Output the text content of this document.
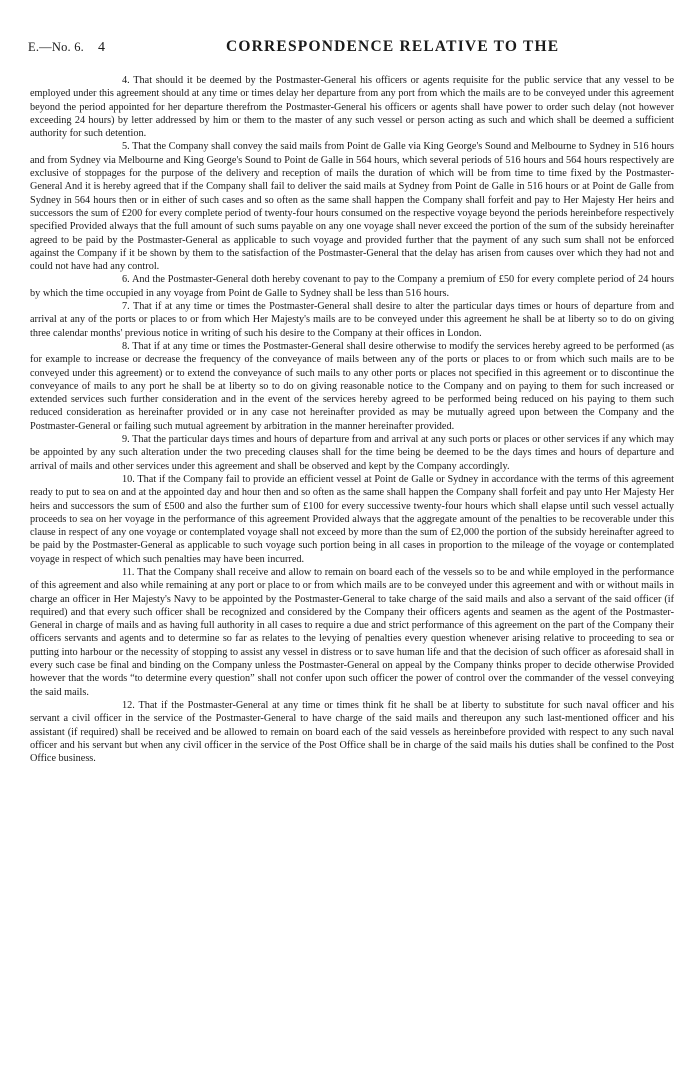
E.—No. 6.	4	CORRESPONDENCE RELATIVE TO THE

4. That should it be deemed by the Postmaster-General his officers or agents requisite for the public service that any vessel to be employed under this agreement should at any time or times delay her departure from any port from which the mails are to be conveyed under this agreement beyond the period appointed for her departure therefrom the Postmaster-General his officers or agents shall have power to order such delay (not however exceeding 24 hours) by letter addressed by him or them to the master of any such vessel or person acting as such and which shall be deemed a sufficient authority for such detention.

5. That the Company shall convey the said mails from Point de Galle via King George's Sound and Melbourne to Sydney in 516 hours and from Sydney via Melbourne and King George's Sound to Point de Galle in 564 hours, which several periods of 516 hours and 564 hours respectively are exclusive of stoppages for the purpose of the delivery and reception of mails the duration of which will be from time to time fixed by the Postmaster-General And it is hereby agreed that if the Company shall fail to deliver the said mails at Sydney from Point de Galle in 516 hours or at Point de Galle from Sydney in 564 hours then or in either of such cases and so often as the same shall happen the Company shall forfeit and pay to Her Majesty Her heirs and successors the sum of £200 for every complete period of twenty-four hours consumed on the respective voyage beyond the periods hereinbefore respectively specified Provided always that the full amount of such sums payable on any one voyage shall never exceed the portion of the sum of the subsidy hereinafter agreed to be paid by the Postmaster-General as applicable to such voyage and provided further that the payment of any such sum shall not be enforced against the Company if it be shown by them to the satisfaction of the Postmaster-General that the delay has arisen from causes over which they had not and could not have had any control.

6. And the Postmaster-General doth hereby covenant to pay to the Company a premium of £50 for every complete period of 24 hours by which the time occupied in any voyage from Point de Galle to Sydney shall be less than 516 hours.

7. That if at any time or times the Postmaster-General shall desire to alter the particular days times or hours of departure from and arrival at any of the ports or places to or from which Her Majesty's mails are to be conveyed under this agreement he shall be at liberty so to do on giving three calendar months' previous notice in writing of such his desire to the Company at their offices in London.

8. That if at any time or times the Postmaster-General shall desire otherwise to modify the services hereby agreed to be performed (as for example to increase or decrease the frequency of the conveyance of mails between any of the ports or places to or from which such mails are to be conveyed under this agreement) or to extend the conveyance of such mails to any other ports or places not specified in this agreement or to discontinue the conveyance of mails to any port he shall be at liberty so to do on giving reasonable notice to the Company and on paying to them for such increased or extended services such further consideration and in the event of the services hereby agreed to be performed being reduced on his paying to them such reduced consideration as hereinafter provided or in any case not hereinafter provided as may be mutually agreed upon between the Company and the Postmaster-General or failing such mutual agreement by arbitration in the manner hereinafter provided.

9. That the particular days times and hours of departure from and arrival at any such ports or places or other services if any which may be appointed by any such alteration under the two preceding clauses shall for the time being be deemed to be the days times and hours of departure and arrival of mails and other services under this agreement and shall be observed and kept by the Company accordingly.

10. That if the Company fail to provide an efficient vessel at Point de Galle or Sydney in accordance with the terms of this agreement ready to put to sea on and at the appointed day and hour then and so often as the same shall happen the Company shall forfeit and pay unto Her Majesty Her heirs and successors the sum of £500 and also the further sum of £100 for every successive twenty-four hours which shall elapse until such vessel actually proceeds to sea on her voyage in the performance of this agreement Provided always that the aggregate amount of the penalties to be recoverable under this clause in respect of any one voyage or contemplated voyage shall not exceed by more than the sum of £2,000 the portion of the subsidy hereinafter agreed to be paid by the Postmaster-General as applicable to such voyage such portion being in all cases in proportion to the mileage of the voyage or contemplated voyage in respect of which such penalties may have been incurred.

11. That the Company shall receive and allow to remain on board each of the vessels so to be and while employed in the performance of this agreement and also while remaining at any port or place to or from which mails are to be conveyed under this agreement and with or without mails in charge an officer in Her Majesty's Navy to be appointed by the Postmaster-General to take charge of the said mails and also a servant of the said officer (if required) and that every such officer shall be recognized and considered by the Company their officers agents and seamen as the agent of the Postmaster-General in charge of mails and as having full authority in all cases to require a due and strict performance of this agreement on the part of the Company their officers servants and agents and to determine so far as relates to the levying of penalties every question whenever arising relative to proceeding to sea or putting into harbour or the necessity of stopping to assist any vessel in distress or to save human life and that the decision of such officer as aforesaid shall in every such case be final and binding on the Company unless the Postmaster-General on appeal by the Company thinks proper to decide otherwise Provided however that the words “to determine every question” shall not confer upon such officer the power of control over the commander of the vessel conveying the said mails.

12. That if the Postmaster-General at any time or times think fit he shall be at liberty to substitute for such naval officer and his servant a civil officer in the service of the Postmaster-General to have charge of the said mails and thereupon any such last-mentioned officer and his assistant (if required) shall be received and be allowed to remain on board each of the said vessels as hereinbefore provided with respect to any such naval officer and his servant but when any civil officer in the service of the Post Office shall be in charge of the said mails his duties shall be confined to the Post Office business.
